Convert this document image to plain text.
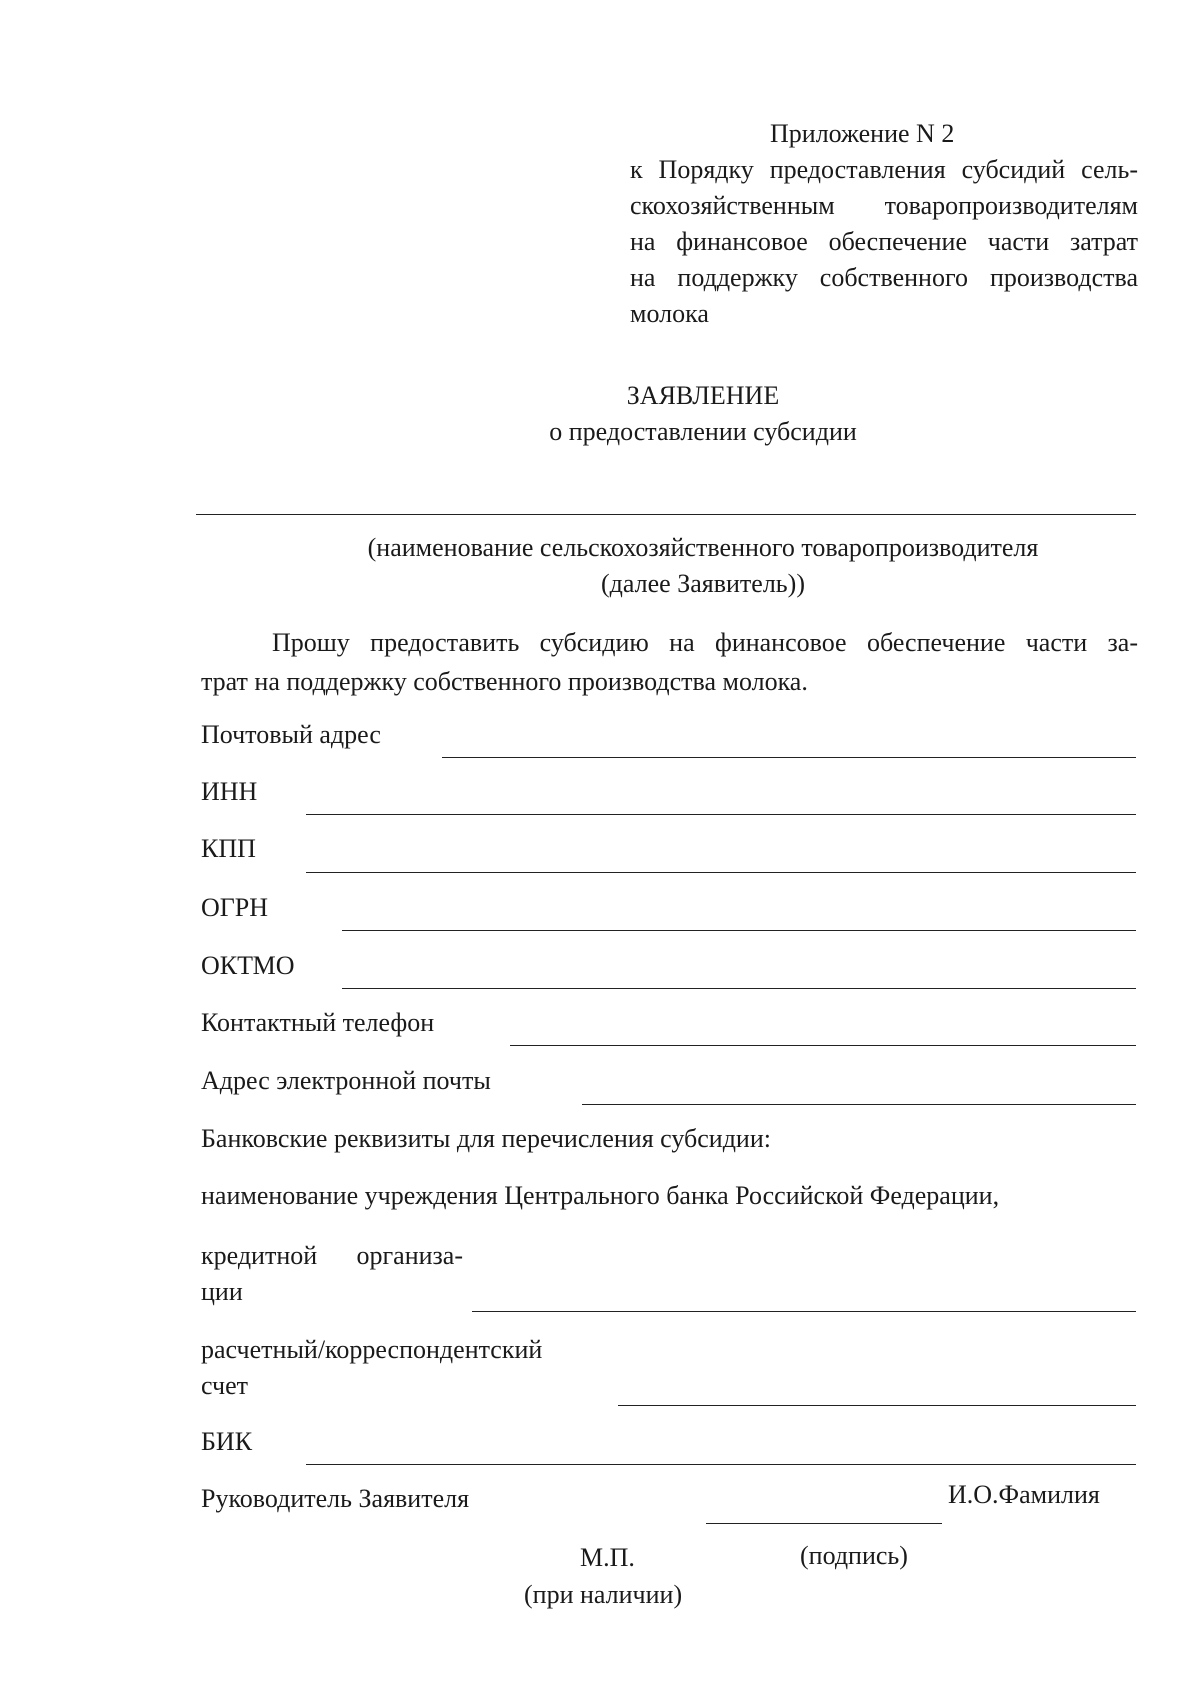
Приложение N 2
к Порядку предоставления субсидий сель-
скохозяйственным товаропроизводителям
на финансовое обеспечение части затрат
на поддержку собственного производства
молока
ЗАЯВЛЕНИЕ
о предоставлении субсидии
(наименование сельскохозяйственного товаропроизводителя
(далее Заявитель))
Прошу предоставить субсидию на финансовое обеспечение части за-
трат на поддержку собственного производства молока.
Почтовый адрес
ИНН
КПП
ОГРН
ОКТМО
Контактный телефон
Адрес электронной почты
Банковские реквизиты для перечисления субсидии:
наименование учреждения Центрального банка Российской Федерации,
кредитной организа-
ции
расчетный/корреспондентский
счет
БИК
Руководитель Заявителя	И.О.Фамилия
М.П.	(подпись)
(при наличии)
